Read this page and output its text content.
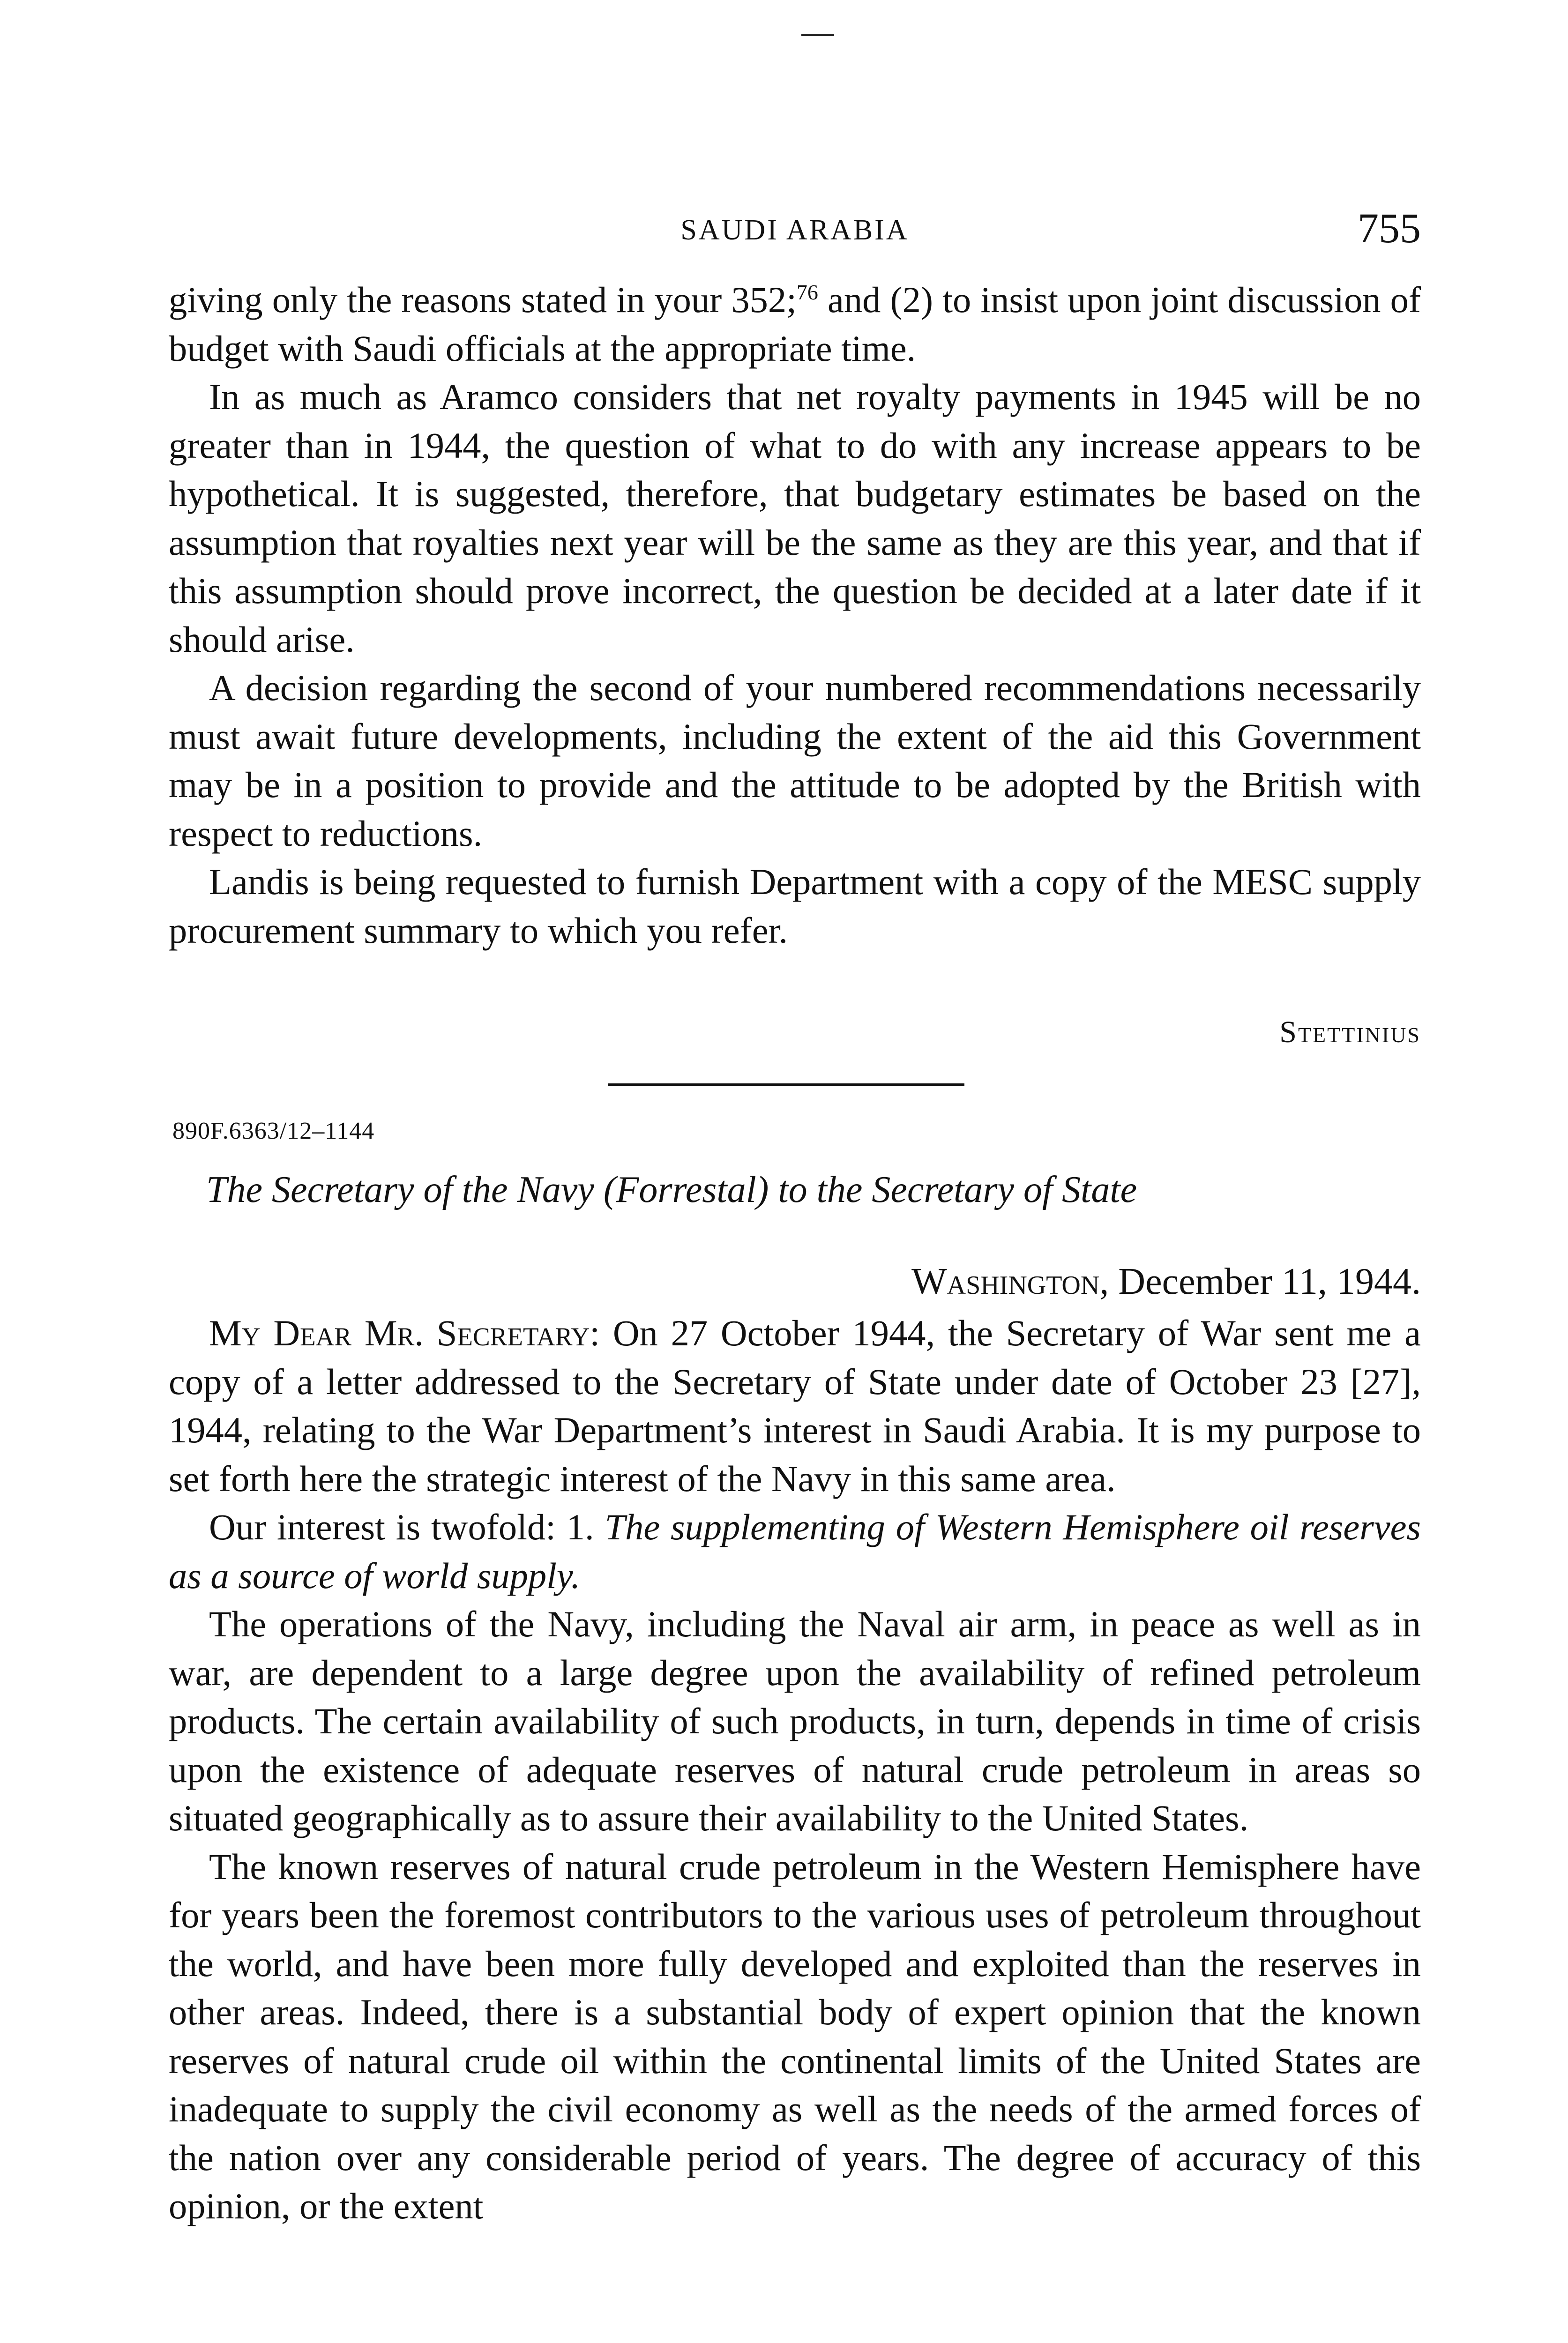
SAUDI ARABIA	755

giving only the reasons stated in your 352;$^{76}$ and (2) to insist upon joint discussion of budget with Saudi officials at the appropriate time.

In as much as Aramco considers that net royalty payments in 1945 will be no greater than in 1944, the question of what to do with any increase appears to be hypothetical. It is suggested, therefore, that budgetary estimates be based on the assumption that royalties next year will be the same as they are this year, and that if this assumption should prove incorrect, the question be decided at a later date if it should arise.

A decision regarding the second of your numbered recommendations necessarily must await future developments, including the extent of the aid this Government may be in a position to provide and the attitude to be adopted by the British with respect to reductions.

Landis is being requested to furnish Department with a copy of the MESC supply procurement summary to which you refer.

Stettinius
890F.6363/12–1144
The Secretary of the Navy (Forrestal) to the Secretary of State
Washington, December 11, 1944.

My Dear Mr. Secretary: On 27 October 1944, the Secretary of War sent me a copy of a letter addressed to the Secretary of State under date of October 23 [27], 1944, relating to the War Department’s interest in Saudi Arabia. It is my purpose to set forth here the strategic interest of the Navy in this same area.

Our interest is twofold: 1. The supplementing of Western Hemisphere oil reserves as a source of world supply.

The operations of the Navy, including the Naval air arm, in peace as well as in war, are dependent to a large degree upon the availability of refined petroleum products. The certain availability of such products, in turn, depends in time of crisis upon the existence of adequate reserves of natural crude petroleum in areas so situated geographically as to assure their availability to the United States.

The known reserves of natural crude petroleum in the Western Hemisphere have for years been the foremost contributors to the various uses of petroleum throughout the world, and have been more fully developed and exploited than the reserves in other areas. Indeed, there is a substantial body of expert opinion that the known reserves of natural crude oil within the continental limits of the United States are inadequate to supply the civil economy as well as the needs of the armed forces of the nation over any considerable period of years. The degree of accuracy of this opinion, or the extent
